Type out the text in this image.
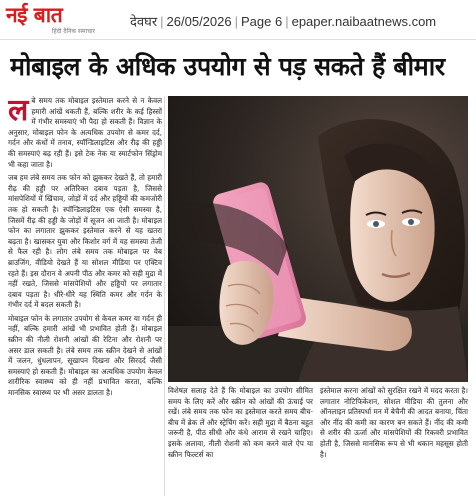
नई बात
हिंदी दैनिक समाचार
देवघर | 26/05/2026 | Page 6 | epaper.naibaatnews.com
मोबाइल के अधिक उपयोग से पड़ सकते हैं बीमार
ल बे समय तक मोबाइल इस्तेमाल करने से न केवल हमारी आंखें थकती हैं, बल्कि शरीर के कई हिस्सों में गंभीर समस्याएं भी पैदा हो सकती हैं। विज्ञान के अनुसार, मोबाइल फोन के अत्यधिक उपयोग से कमर दर्द, गर्दन और कंधों में तनाव, स्पॉन्डिलाइटिस और रीढ़ की हड्डी की समस्याएं बढ़ रही हैं। इसे टेक नेक या स्मार्टफोन सिंड्रोम भी कहा जाता है।

जब हम लंबे समय तक फोन को झुककर देखते हैं, तो हमारी रीढ़ की हड्डी पर अतिरिक्त दबाव पड़ता है, जिससे मांसपेशियों में खिंचाव, जोड़ों में दर्द और हड्डियों की कमजोरी तक हो सकती है। स्पॉन्डिलाइटिस एक ऐसी समस्या है, जिसमें रीढ़ की हड्डी के जोड़ों में सूजन आ जाती है। मोबाइल फोन का लगातार झुककर इस्तेमाल करने से यह खतरा बढ़ता है। खासकर युवा और किशोर वर्ग में यह समस्या तेजी से फैल रही है। लोग लंबे समय तक मोबाइल पर वेब ब्राउजिंग, वीडियो देखते हैं या सोशल मीडिया पर एक्टिव रहते हैं। इस दौरान वे अपनी पीठ और कमर को सही मुद्रा में नहीं रखते, जिससे मांसपेशियों और हड्डियों पर लगातार दबाव पड़ता है। धीरे-धीरे यह स्थिति कमर और गर्दन के गंभीर दर्द में बदल सकती है।

मोबाइल फोन के लगातार उपयोग से केवल कमर या गर्दन ही नहीं, बल्कि हमारी आंखें भी प्रभावित होती हैं। मोबाइल स्क्रीन की नीली रोशनी आंखों की रेटिना और रोशनी पर असर डाल सकती है। लंबे समय तक स्क्रीन देखने से आंखों में जलन, धुंधलापन, सूखापन दिखना और सिरदर्द जैसी समस्याएं हो सकती हैं। मोबाइल का अत्यधिक उपयोग केवल शारीरिक स्वास्थ्य को ही नहीं प्रभावित करता, बल्कि मानसिक स्वास्थ्य पर भी असर डालता है।	विशेषज्ञ सलाह देते हैं कि मोबाइल का उपयोग सीमित समय के लिए करें और स्क्रीन को आंखों की ऊंचाई पर रखें। लंबे समय तक फोन का इस्तेमाल करते समय बीच-बीच में ब्रेक लें और स्ट्रेचिंग करें। सही मुद्रा में बैठना बहुत जरूरी है, पीठ सीधी और कंधे आराम से रखने चाहिए। इसके अलावा, नीली रोशनी को कम करने वाले ऐप या स्क्रीन फिल्टर्स का
इस्तेमाल करना आंखों को सुरक्षित रखने में मदद करता है। लगातार नोटिफिकेशन, सोशल मीडिया की तुलना और ऑनलाइन प्रतिस्पर्धा मन में बेचैनी की आदत बनाया, चिंता और नींद की कमी का कारण बन सकते हैं। नींद की कमी से शरीर की ऊर्जा और मांसपेशियों की रिकवरी प्रभावित होती है, जिससे मानसिक रूप से भी थकान महसूस होती है।
